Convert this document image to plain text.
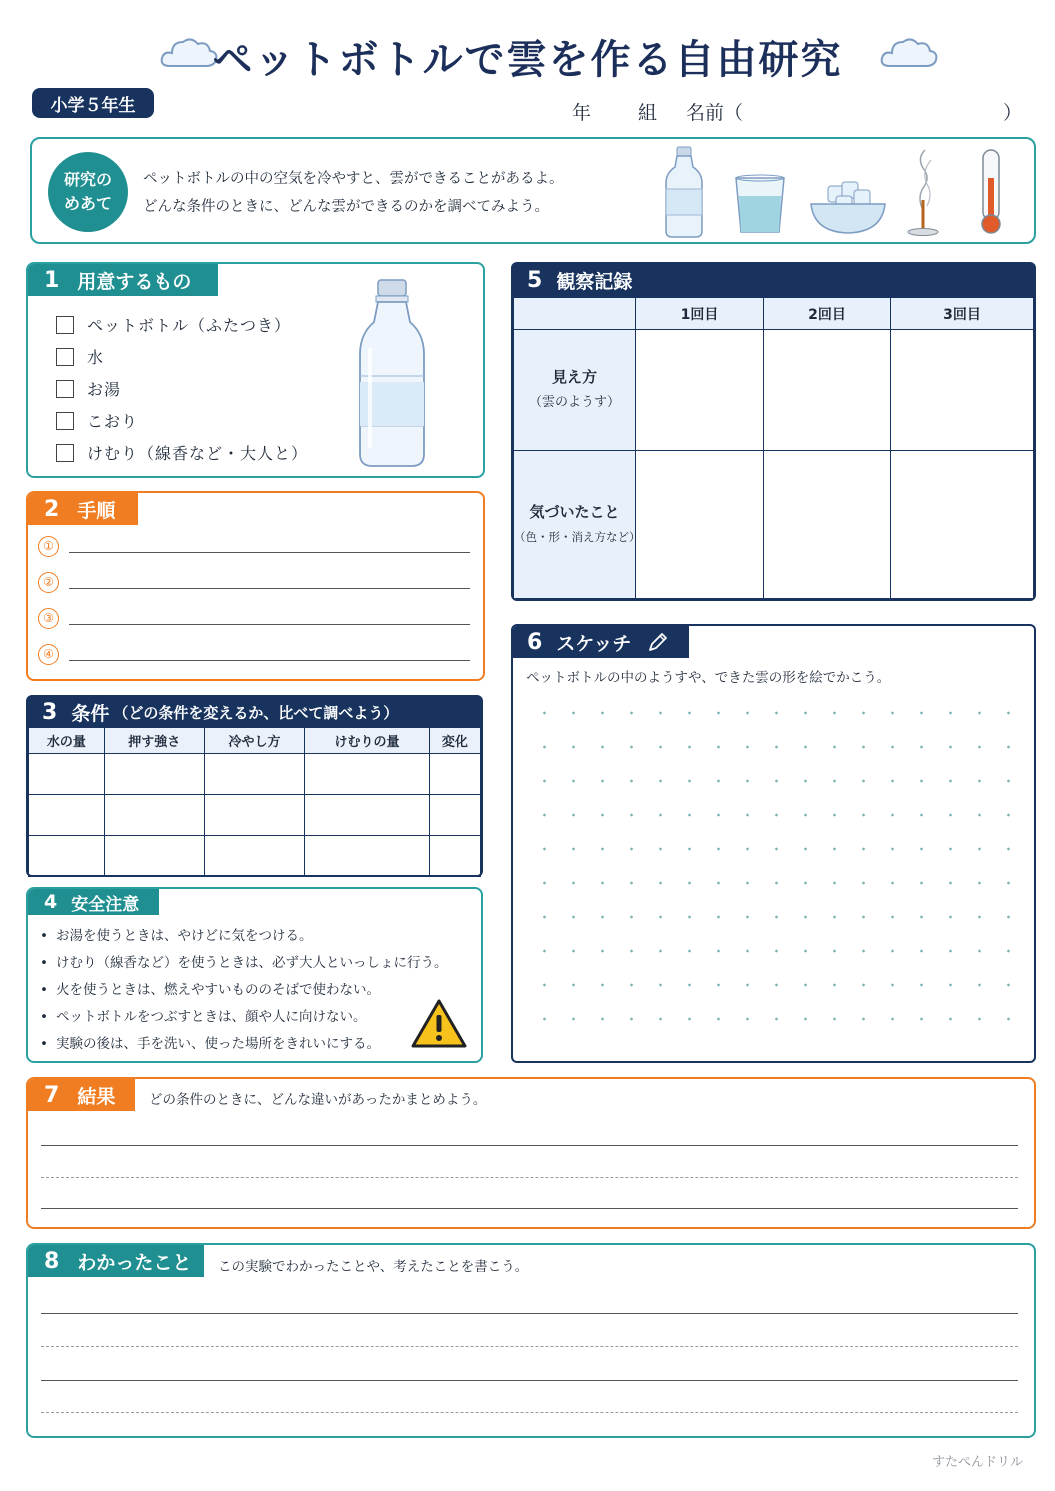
ペットボトルで雲を作る自由研究
小学５年生	年 組 名前（	）
研究の
めあて
ペットボトルの中の空気を冷やすと、雲ができることがあるよ。
どんな条件のときに、どんな雲ができるのかを調べてみよう。
1 用意するもの
ペットボトル（ふたつき）
水
お湯
こおり
けむり（線香など・大人と）
2 手順
①
②
③
④
3 条件 （どの条件を変えるか、比べて調べよう）
水の量	押す強さ	冷やし方	けむりの量	変化

4 安全注意
• お湯を使うときは、やけどに気をつける。
• けむり（線香など）を使うときは、必ず大人といっしょに行う。
• 火を使うときは、燃えやすいもののそばで使わない。
• ペットボトルをつぶすときは、顔や人に向けない。
• 実験の後は、手を洗い、使った場所をきれいにする。
5 観察記録
	1回目	2回目	3回目

見え方
（雲のようす）			

気づいたこと
（色・形・消え方など）			
6 スケッチ
ペットボトルの中のようすや、できた雲の形を絵でかこう。
7 結果 どの条件のときに、どんな違いがあったかまとめよう。
8 わかったこと この実験でわかったことや、考えたことを書こう。
すたぺんドリル
